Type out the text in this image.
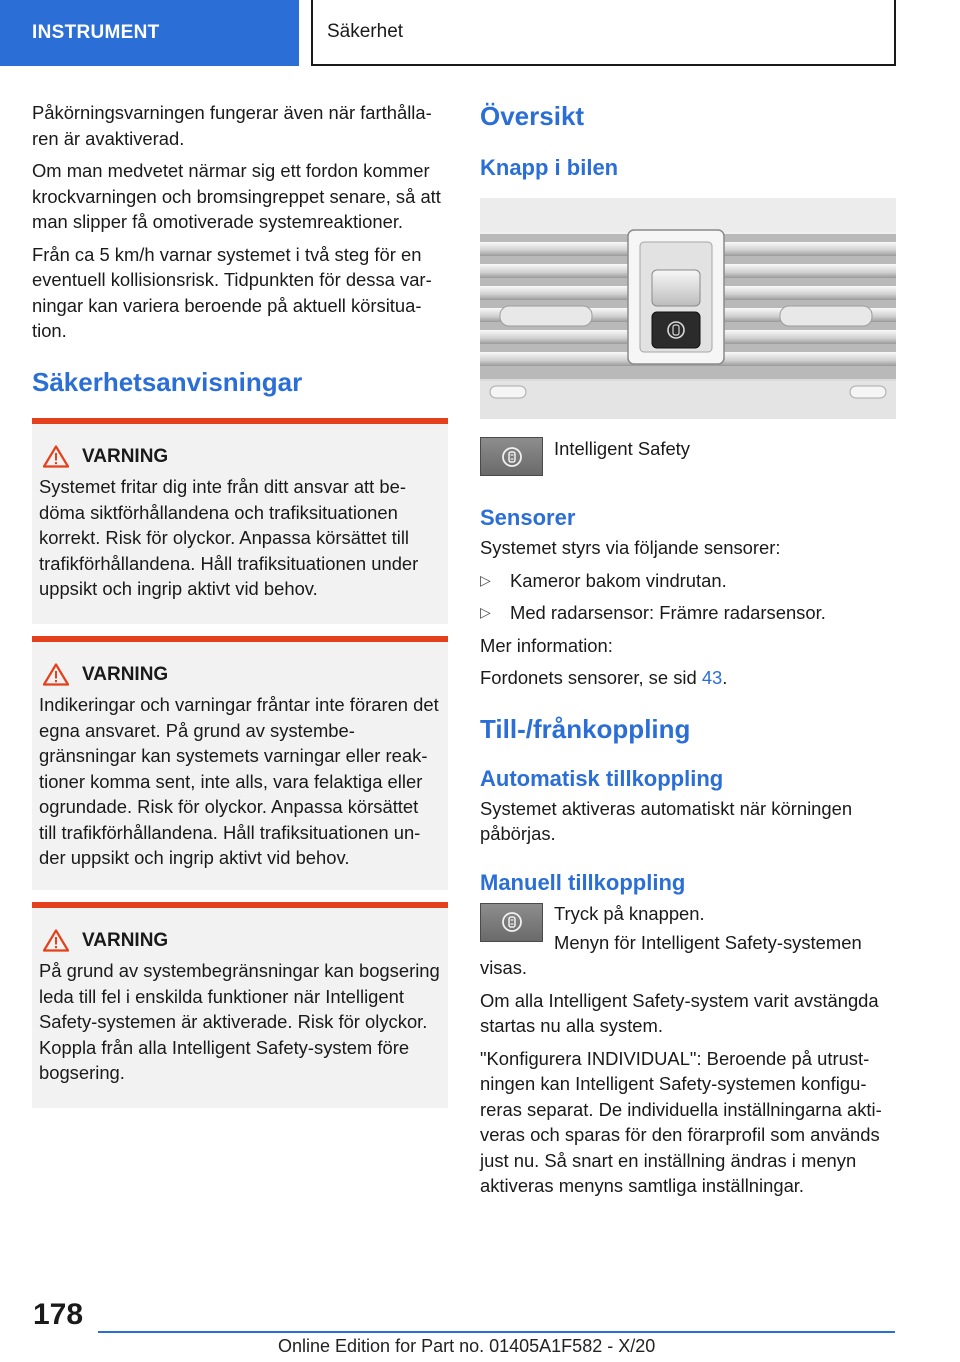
INSTRUMENT	Säkerhet

Påkörningsvarningen fungerar även när farthållaren är avaktiverad.

Om man medvetet närmar sig ett fordon kommer krockvarningen och bromsingreppet senare, så att man slipper få omotiverade systemreaktioner.

Från ca 5 km/h varnar systemet i två steg för en eventuell kollisionsrisk. Tidpunkten för dessa varningar kan variera beroende på aktuell körsituation.

Säkerhetsanvisningar
VARNING

Systemet fritar dig inte från ditt ansvar att bedöma siktförhållandena och trafiksituationen korrekt. Risk för olyckor. Anpassa körsättet till trafikförhållandena. Håll trafiksituationen under uppsikt och ingrip aktivt vid behov.

VARNING

Indikeringar och varningar fråntar inte föraren det egna ansvaret. På grund av systembegränsningar kan systemets varningar eller reaktioner komma sent, inte alls, vara felaktiga eller ogrundade. Risk för olyckor. Anpassa körsättet till trafikförhållandena. Håll trafiksituationen under uppsikt och ingrip aktivt vid behov.

VARNING

På grund av systembegränsningar kan bogsering leda till fel i enskilda funktioner när Intelligent Safety-systemen är aktiverade. Risk för olyckor. Koppla från alla Intelligent Safety-system före bogsering.

Översikt
Knapp i bilen
Intelligent Safety
Sensorer

Systemet styrs via följande sensorer:

▷	Kameror bakom vindrutan.
▷	Med radarsensor: Främre radarsensor.

Mer information:

Fordonets sensorer, se sid 43.

Till-/frånkoppling
Automatisk tillkoppling

Systemet aktiveras automatiskt när körningen påbörjas.

Manuell tillkoppling
Tryck på knappen.

Menyn för Intelligent Safety-systemen visas.

Om alla Intelligent Safety-system varit avstängda startas nu alla system.

"Konfigurera INDIVIDUAL": Beroende på utrustningen kan Intelligent Safety-systemen konfigureras separat. De individuella inställningarna aktiveras och sparas för den förarprofil som används just nu. Så snart en inställning ändras i menyn aktiveras menyns samtliga inställningar.

178
Online Edition for Part no. 01405A1F582 - X/20
